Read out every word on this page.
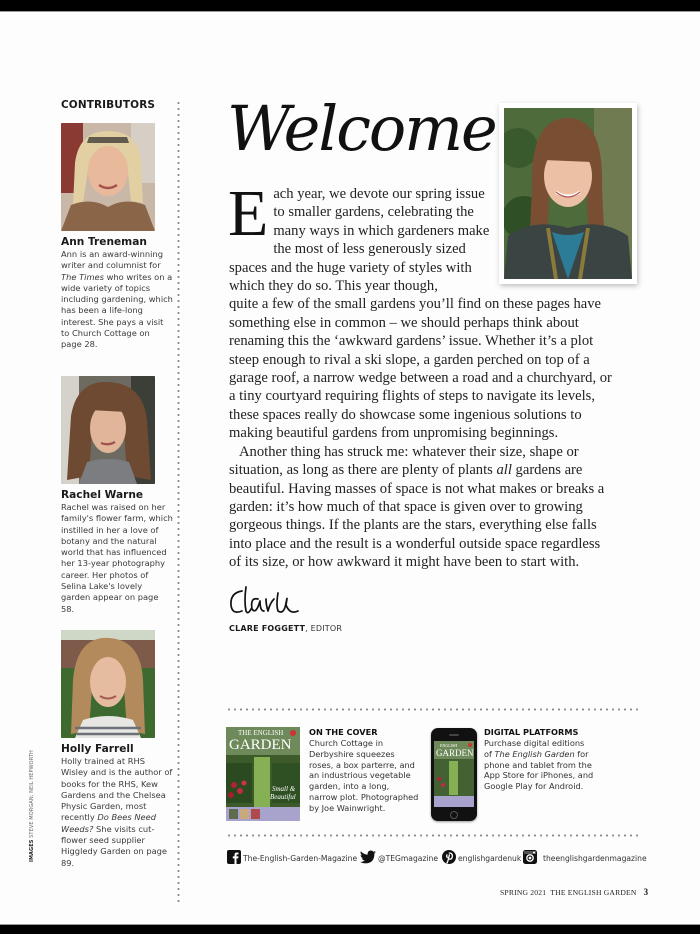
CONTRIBUTORS
Ann Treneman
Ann is an award-winning writer and columnist for The Times who writes on a wide variety of topics including gardening, which has been a life-long interest. She pays a visit to Church Cottage on page 28.
Rachel Warne
Rachel was raised on her family's flower farm, which instilled in her a love of botany and the natural world that has influenced her 13-year photography career. Her photos of Selina Lake's lovely garden appear on page 58.
Holly Farrell
Holly trained at RHS Wisley and is the author of books for the RHS, Kew Gardens and the Chelsea Physic Garden, most recently Do Bees Need Weeds? She visits cut-flower seed supplier Higgledy Garden on page 89.
IMAGES STEVE MORGAN; NEIL HEPWORTH
Welcome

Each year, we devote our spring issue to smaller gardens, celebrating the many ways in which gardeners make the most of less generously sized spaces and the huge variety of styles with which they do so. This year though,
quite a few of the small gardens you’ll find on these pages have something else in common – we should perhaps think about renaming this the ‘awkward gardens’ issue. Whether it’s a plot steep enough to rival a ski slope, a garden perched on top of a garage roof, a narrow wedge between a road and a churchyard, or a tiny courtyard requiring flights of steps to navigate its levels, these spaces really do showcase some ingenious solutions to making beautiful gardens from unpromising beginnings.

Another thing has struck me: whatever their size, shape or situation, as long as there are plenty of plants all gardens are beautiful. Having masses of space is not what makes or breaks a garden: it’s how much of that space is given over to growing gorgeous things. If the plants are the stars, everything else falls into place and the result is a wonderful outside space regardless of its size, or how awkward it might have been to start with.

CLARE FOGGETT, EDITOR
THE ENGLISH
GARDEN
Small &
Beautiful
ON THE COVER
Church Cottage in Derbyshire squeezes roses, a box parterre, and an industrious vegetable garden, into a long, narrow plot. Photographed by Joe Wainwright.
ENGLISH
GARDEN
DIGITAL PLATFORMS
Purchase digital editions of The English Garden for phone and tablet from the App Store for iPhones, and Google Play for Android.
The-English-Garden-Magazine	@TEGmagazine	englishgardenuk	theenglishgardenmagazine
SPRING 2021 THE ENGLISH GARDEN 3
